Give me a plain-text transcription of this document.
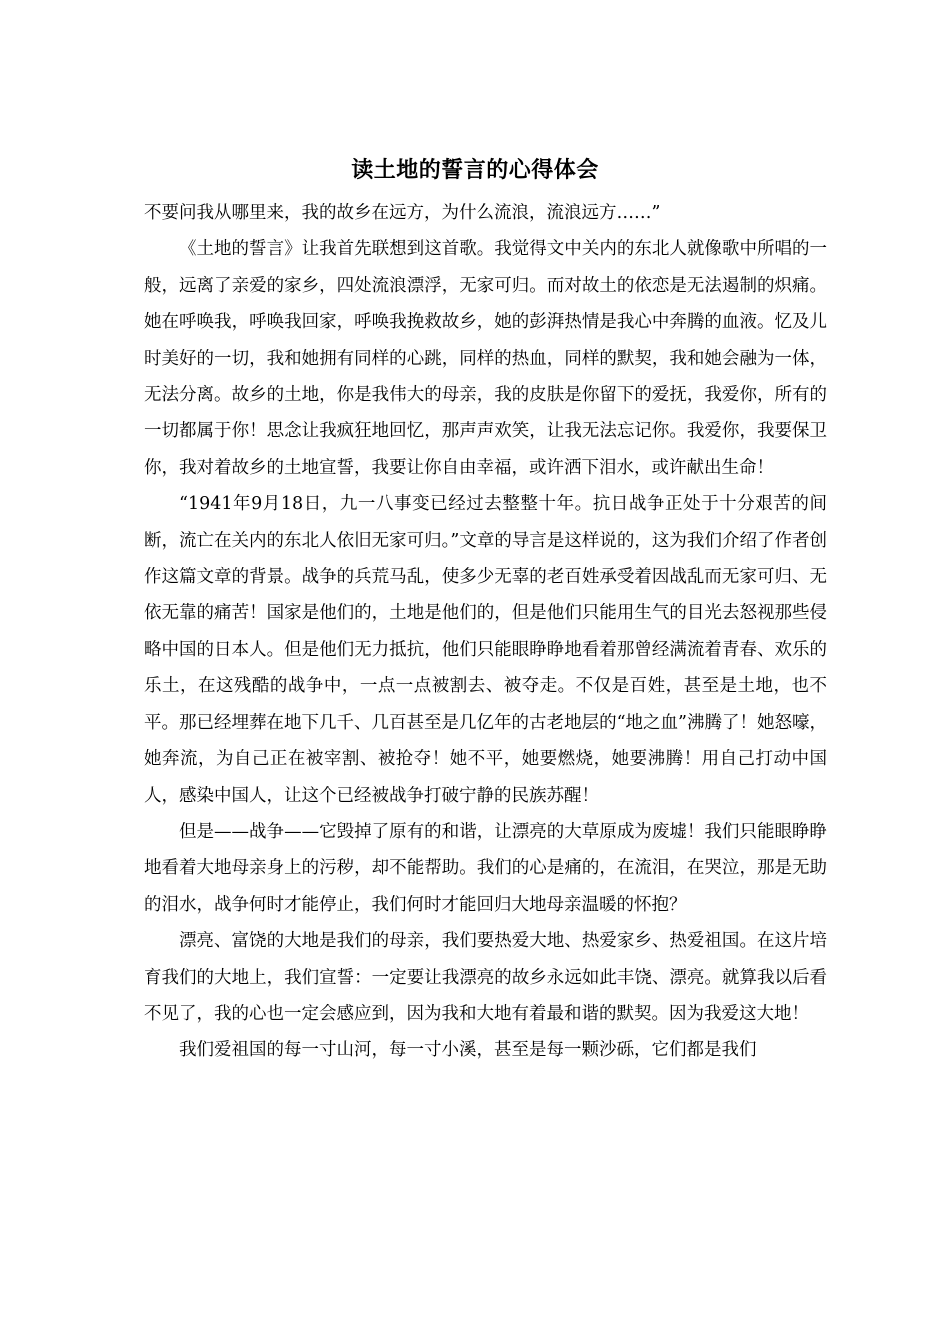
读土地的誓言的心得体会

不要问我从哪里来，我的故乡在远方，为什么流浪，流浪远方……”

《土地的誓言》让我首先联想到这首歌。我觉得文中关内的东北人就像歌中所唱的一般，远离了亲爱的家乡，四处流浪漂浮，无家可归。而对故土的依恋是无法遏制的炽痛。她在呼唤我，呼唤我回家，呼唤我挽救故乡，她的彭湃热情是我心中奔腾的血液。忆及儿时美好的一切，我和她拥有同样的心跳，同样的热血，同样的默契，我和她会融为一体，无法分离。故乡的土地，你是我伟大的母亲，我的皮肤是你留下的爱抚，我爱你，所有的一切都属于你！思念让我疯狂地回忆，那声声欢笑，让我无法忘记你。我爱你，我要保卫你，我对着故乡的土地宣誓，我要让你自由幸福，或许洒下泪水，或许献出生命！

“1941年9月18日，九一八事变已经过去整整十年。抗日战争正处于十分艰苦的间断，流亡在关内的东北人依旧无家可归。”文章的导言是这样说的，这为我们介绍了作者创作这篇文章的背景。战争的兵荒马乱，使多少无辜的老百姓承受着因战乱而无家可归、无依无靠的痛苦！国家是他们的，土地是他们的，但是他们只能用生气的目光去怒视那些侵略中国的日本人。但是他们无力抵抗，他们只能眼睁睁地看着那曾经满流着青春、欢乐的乐土，在这残酷的战争中，一点一点被割去、被夺走。不仅是百姓，甚至是土地，也不平。那已经埋葬在地下几千、几百甚至是几亿年的古老地层的“地之血”沸腾了！她怒嚎，她奔流，为自己正在被宰割、被抢夺！她不平，她要燃烧，她要沸腾！用自己打动中国人，感染中国人，让这个已经被战争打破宁静的民族苏醒！

但是——战争——它毁掉了原有的和谐，让漂亮的大草原成为废墟！我们只能眼睁睁地看着大地母亲身上的污秽，却不能帮助。我们的心是痛的，在流泪，在哭泣，那是无助的泪水，战争何时才能停止，我们何时才能回归大地母亲温暖的怀抱？

漂亮、富饶的大地是我们的母亲，我们要热爱大地、热爱家乡、热爱祖国。在这片培育我们的大地上，我们宣誓：一定要让我漂亮的故乡永远如此丰饶、漂亮。就算我以后看不见了，我的心也一定会感应到，因为我和大地有着最和谐的默契。因为我爱这大地！

我们爱祖国的每一寸山河，每一寸小溪，甚至是每一颗沙砾，它们都是我们
